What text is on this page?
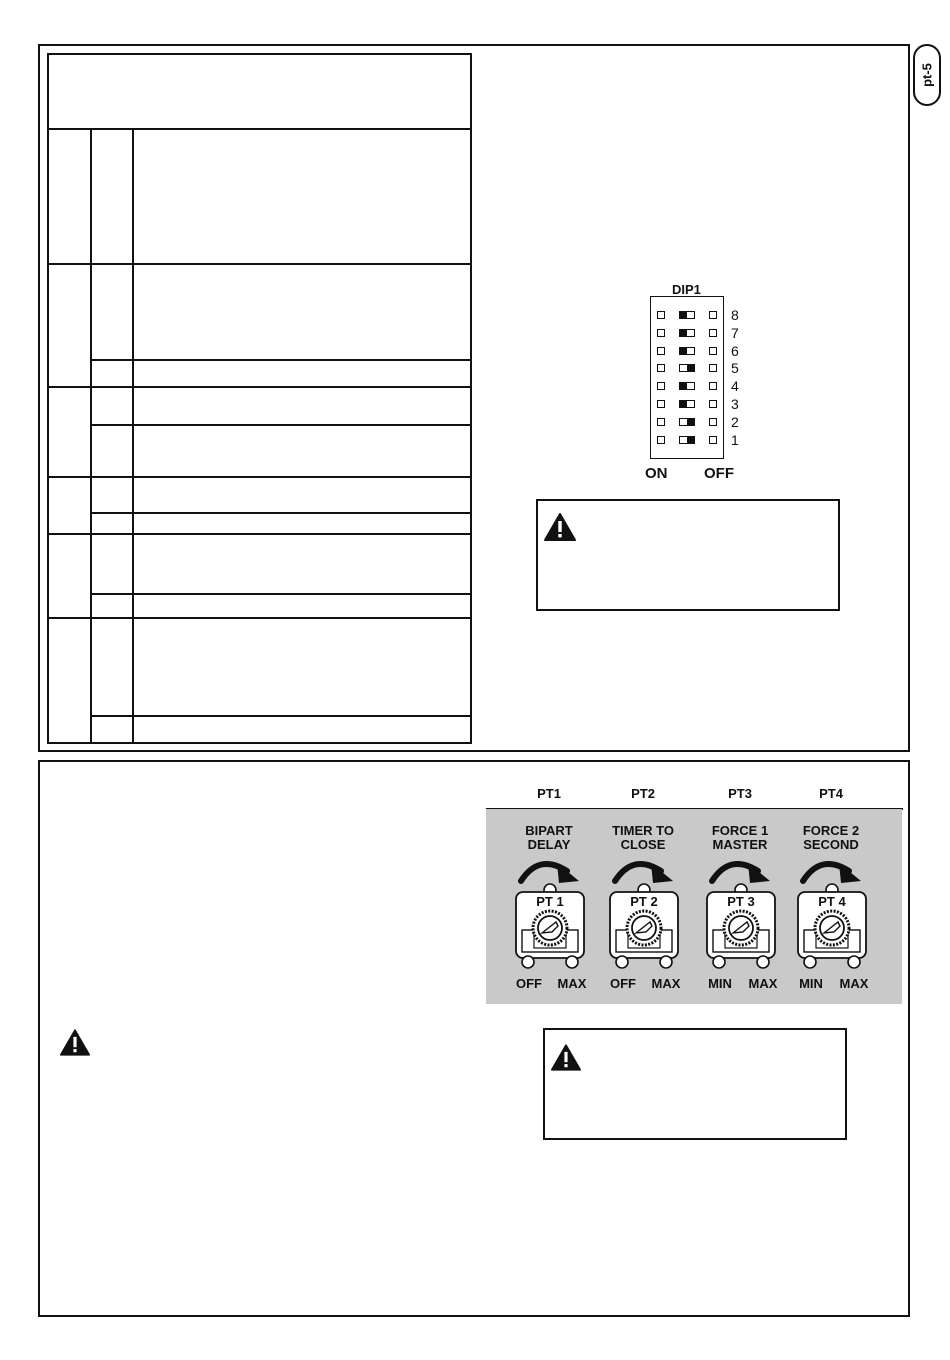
pt-5
DIP1
8
7
6
5
4
3
2
1
ON OFF
PT1
BIPART
DELAY
PT 1
OFF	MAX
PT2
TIMER TO
CLOSE
PT 2
OFF	MAX
PT3
FORCE 1
MASTER
PT 3
MIN	MAX
PT4
FORCE 2
SECOND
PT 4
MIN	MAX
